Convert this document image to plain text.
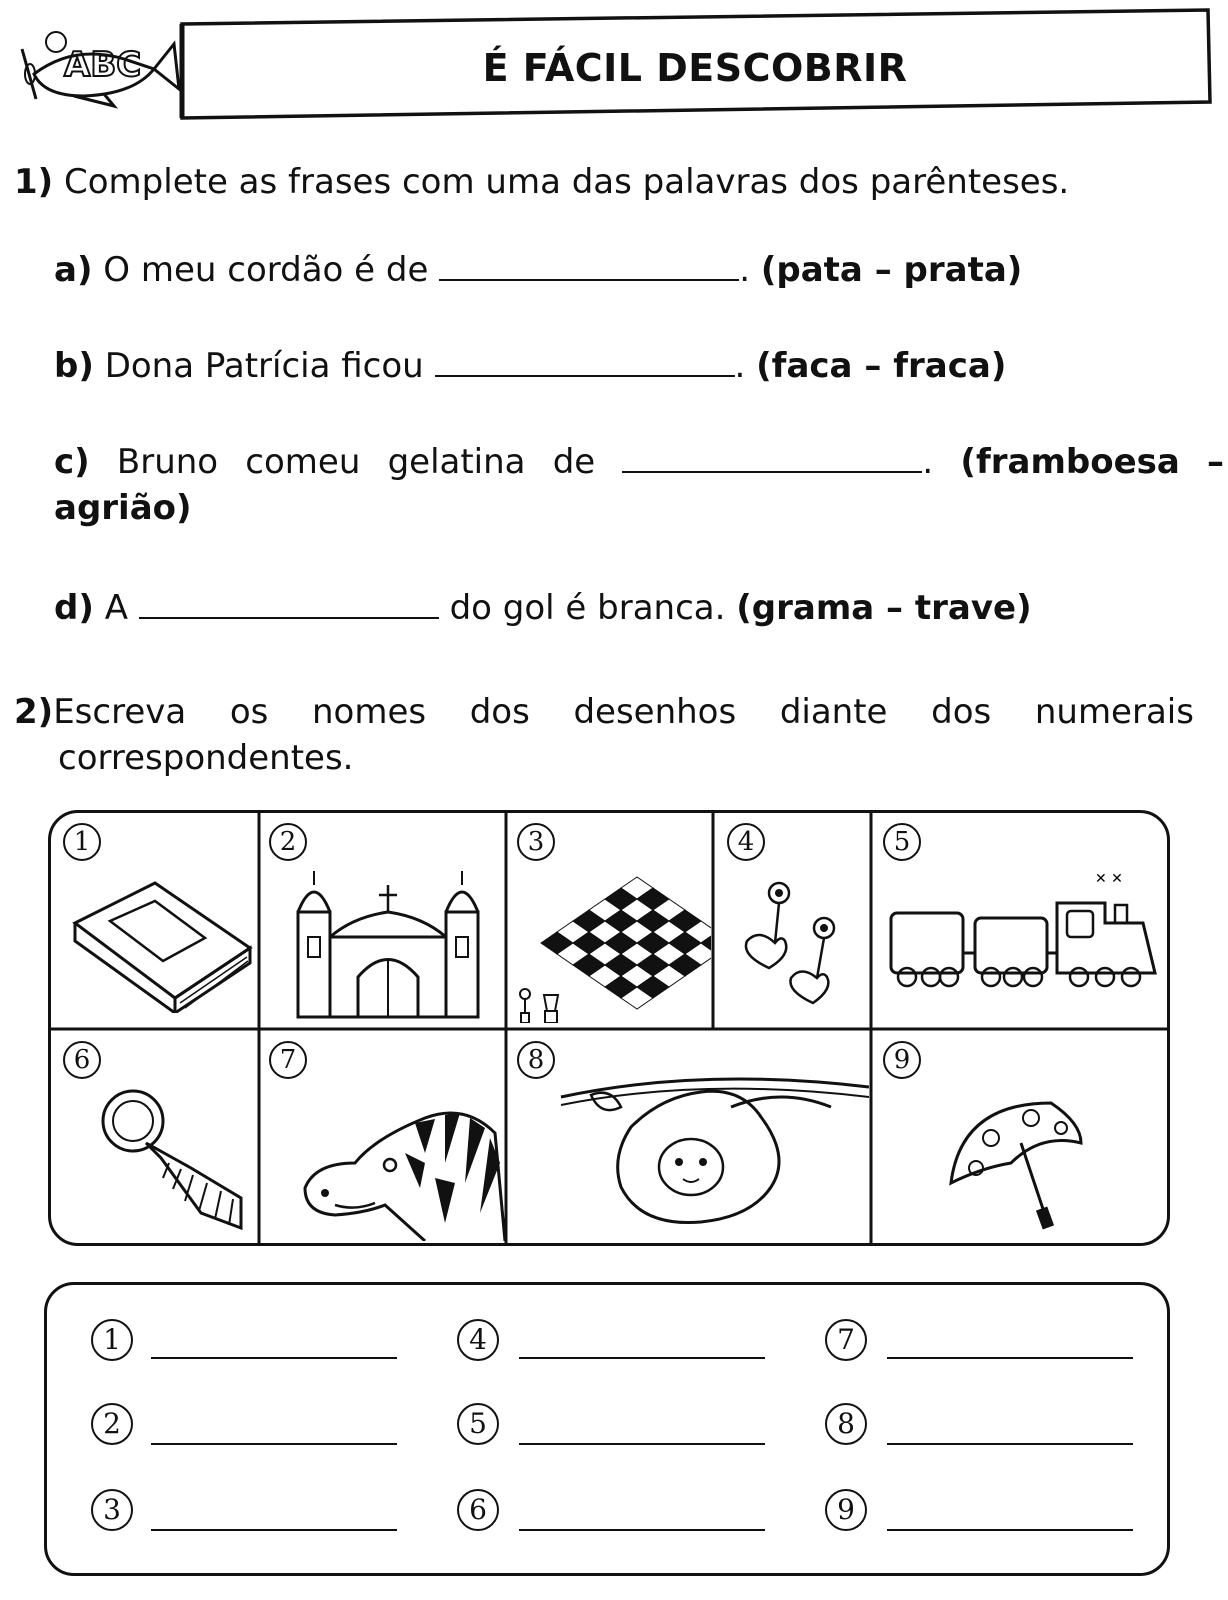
ABC	É FÁCIL DESCOBRIR
1) Complete as frases com uma das palavras dos parênteses.
a) O meu cordão é de	. (pata – prata)
b) Dona Patrícia ficou	. (faca – fraca)
c) Bruno comeu gelatina de	. (framboesa –
agrião)
d) A	do gol é branca. (grama – trave)
2)Escreva os nomes dos desenhos diante dos numerais
correspondentes.
1	2	3	4	5
✕ ✕
6	7	8	9
1	4	7
2	5	8
3	6	9
